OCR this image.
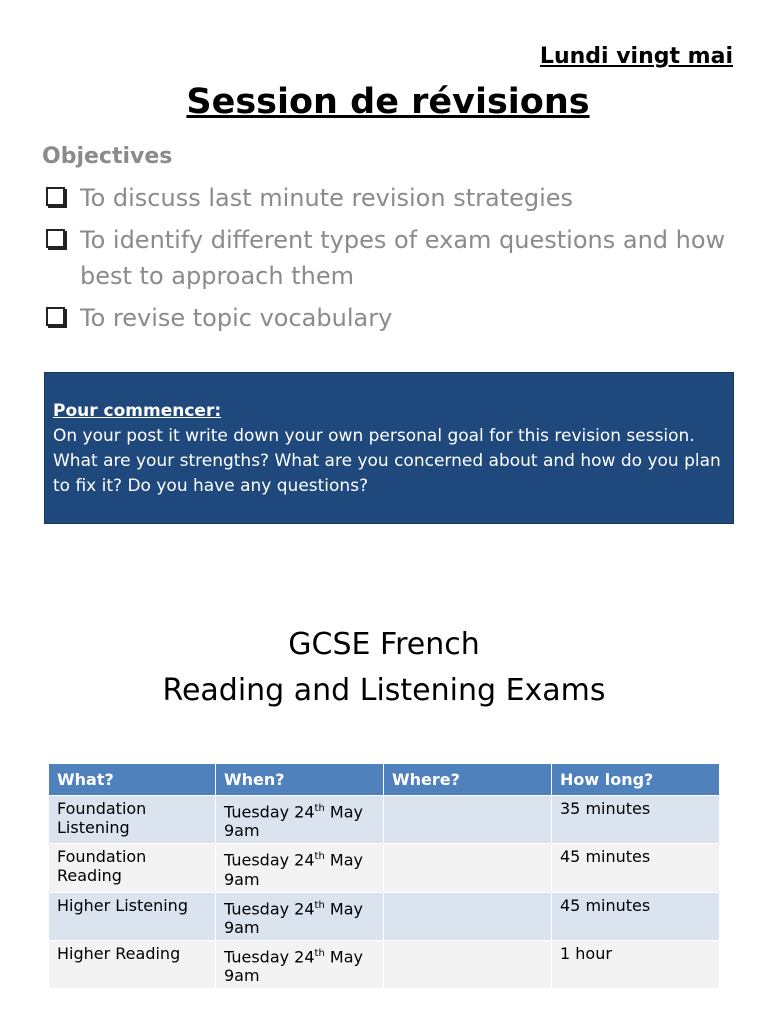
Lundi vingt mai
Session de révisions
Objectives
To discuss last minute revision strategies
To identify different types of exam questions and how best to approach them
To revise topic vocabulary
Pour commencer:
On your post it write down your own personal goal for this revision session. What are your strengths? What are you concerned about and how do you plan to fix it? Do you have any questions?
GCSE French
Reading and Listening Exams
What?	When?	Where?	How long?
Foundation Listening	Tuesday 24th May 9am		35 minutes
Foundation Reading	Tuesday 24th May 9am		45 minutes
Higher Listening	Tuesday 24th May 9am		45 minutes
Higher Reading	Tuesday 24th May 9am		1 hour
